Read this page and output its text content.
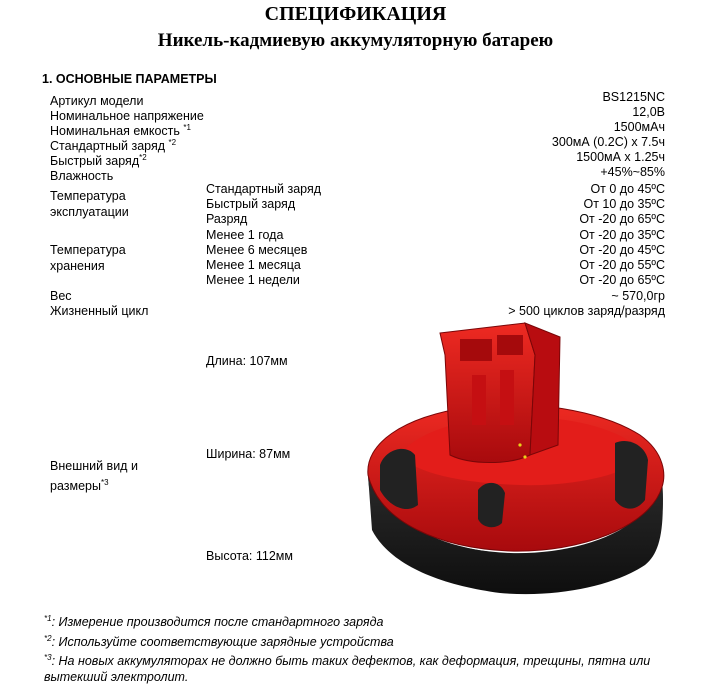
СПЕЦИФИКАЦИЯ
Никель-кадмиевую аккумуляторную батарею
1. ОСНОВНЫЕ ПАРАМЕТРЫ
Артикул модели	BS1215NC
Номинальное напряжение	12,0В
Номинальная емкость $^{*1}$	1500мАч
Стандартный заряд $^{*2}$	300мА (0.2С) х 7.5ч
Быстрый заряд$^{*2}$	1500мА х 1.25ч
Влажность	+45%~85%
Температура
эксплуатации
Стандартный заряд	От 0 до 45ºС
Быстрый заряд	От 10 до 35ºС
Разряд	От -20 до 65ºС
Температура
хранения
Менее 1 года	От -20 до 35ºС
Менее 6 месяцев	От -20 до 45ºС
Менее 1 месяца	От -20 до 55ºС
Менее 1 недели	От -20 до 65ºС
Вес	~ 570,0гр
Жизненный цикл	> 500 циклов заряд/разряд
Внешний вид и
размеры$^{*3}$
Длина: 107мм
Ширина: 87мм
Высота: 112мм
$^{*1}$: Измерение производится после стандартного заряда
$^{*2}$: Используйте соответствующие зарядные устройства
$^{*3}$: На новых аккумуляторах не должно быть таких дефектов, как деформация, трещины, пятна или вытекший электролит.
